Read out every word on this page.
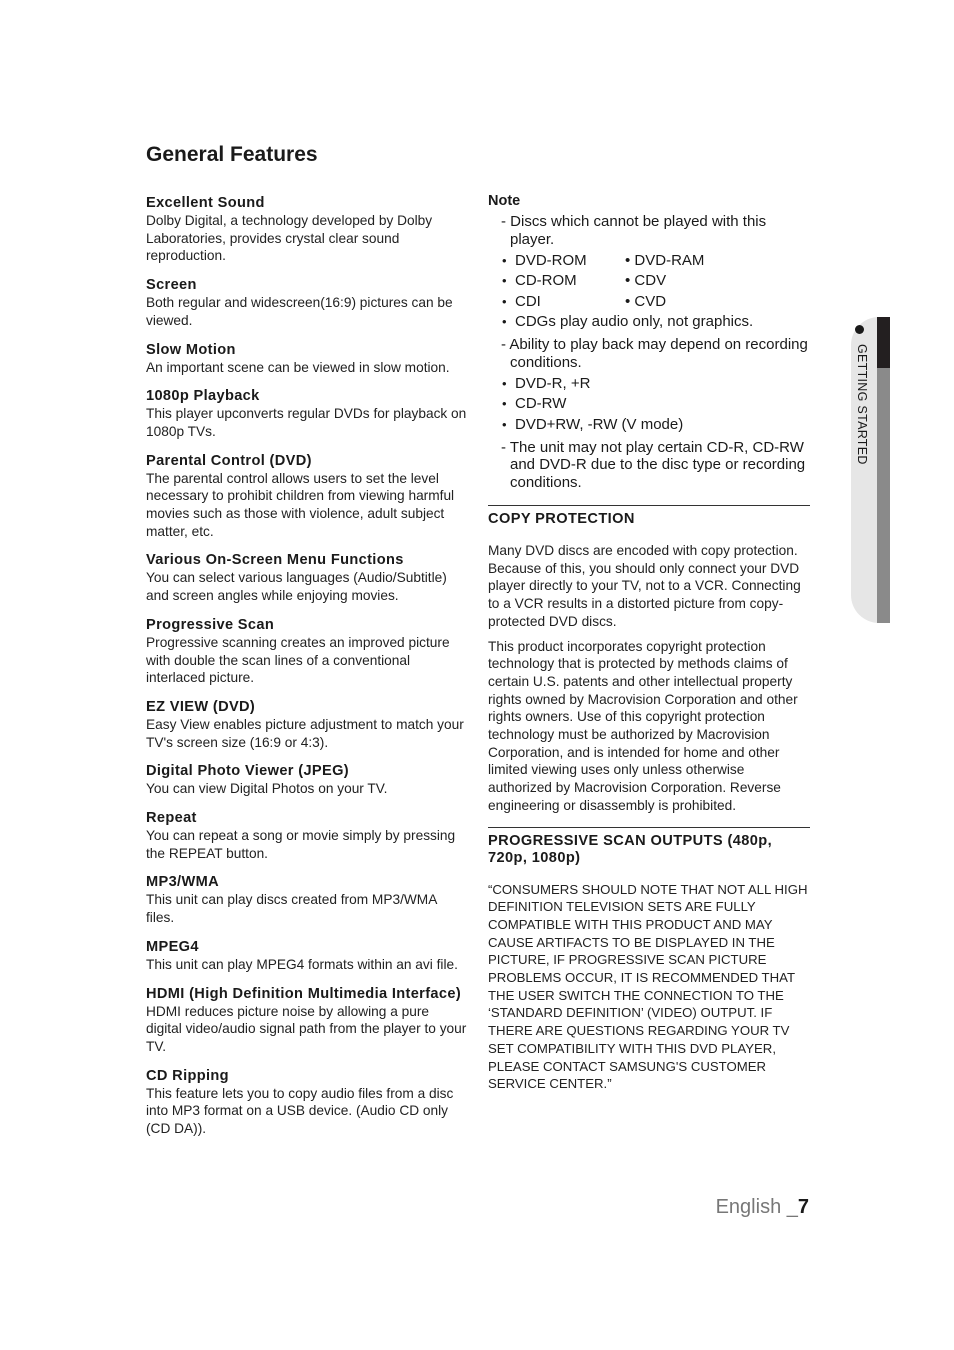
General Features
Excellent Sound
Dolby Digital, a technology developed by Dolby Laboratories, provides crystal clear sound reproduction.
Screen
Both regular and widescreen(16:9) pictures can be viewed.
Slow Motion
An important scene can be viewed in slow motion.
1080p Playback
This player upconverts regular DVDs for playback on 1080p TVs.
Parental Control (DVD)
The parental control allows users to set the level necessary to prohibit children from viewing harmful movies such as those with violence, adult subject matter, etc.
Various On-Screen Menu Functions
You can select various languages (Audio/Subtitle) and screen angles while enjoying movies.
Progressive Scan
Progressive scanning creates an improved picture with double the scan lines of a conventional interlaced picture.
EZ VIEW (DVD)
Easy View enables picture adjustment to match your TV's screen size (16:9 or 4:3).
Digital Photo Viewer (JPEG)
You can view Digital Photos on your TV.
Repeat
You can repeat a song or movie simply by pressing the REPEAT button.
MP3/WMA
This unit can play discs created from MP3/WMA files.
MPEG4
This unit can play MPEG4 formats within an avi file.
HDMI (High Definition Multimedia Interface)
HDMI reduces picture noise by allowing a pure digital video/audio signal path from the player to your TV.
CD Ripping
This feature lets you to copy audio files from a disc into MP3 format on a USB device. (Audio CD only (CD DA)).
Note
- Discs which cannot be played with this player.
• DVD-ROM	• DVD-RAM
• CD-ROM	• CDV
• CDI	• CVD
• CDGs play audio only, not graphics.
- Ability to play back may depend on recording conditions.
• DVD-R, +R
• CD-RW
• DVD+RW, -RW (V mode)
- The unit may not play certain CD-R, CD-RW and DVD-R due to the disc type or recording conditions.
COPY PROTECTION
Many DVD discs are encoded with copy protection. Because of this, you should only connect your DVD player directly to your TV, not to a VCR. Connecting to a VCR results in a distorted picture from copy-protected DVD discs.
This product incorporates copyright protection technology that is protected by methods claims of certain U.S. patents and other intellectual property rights owned by Macrovision Corporation and other rights owners. Use of this copyright protection technology must be authorized by Macrovision Corporation, and is intended for home and other limited viewing uses only unless otherwise authorized by Macrovision Corporation. Reverse engineering or disassembly is prohibited.
PROGRESSIVE SCAN OUTPUTS (480p, 720p, 1080p)
“CONSUMERS SHOULD NOTE THAT NOT ALL HIGH DEFINITION TELEVISION SETS ARE FULLY COMPATIBLE WITH THIS PRODUCT AND MAY CAUSE ARTIFACTS TO BE DISPLAYED IN THE PICTURE, IF PROGRESSIVE SCAN PICTURE PROBLEMS OCCUR, IT IS RECOMMENDED THAT THE USER SWITCH THE CONNECTION TO THE ‘STANDARD DEFINITION’ (VIDEO) OUTPUT. IF THERE ARE QUESTIONS REGARDING YOUR TV SET COMPATIBILITY WITH THIS DVD PLAYER, PLEASE CONTACT SAMSUNG'S CUSTOMER SERVICE CENTER.”
GETTING STARTED
English _7
